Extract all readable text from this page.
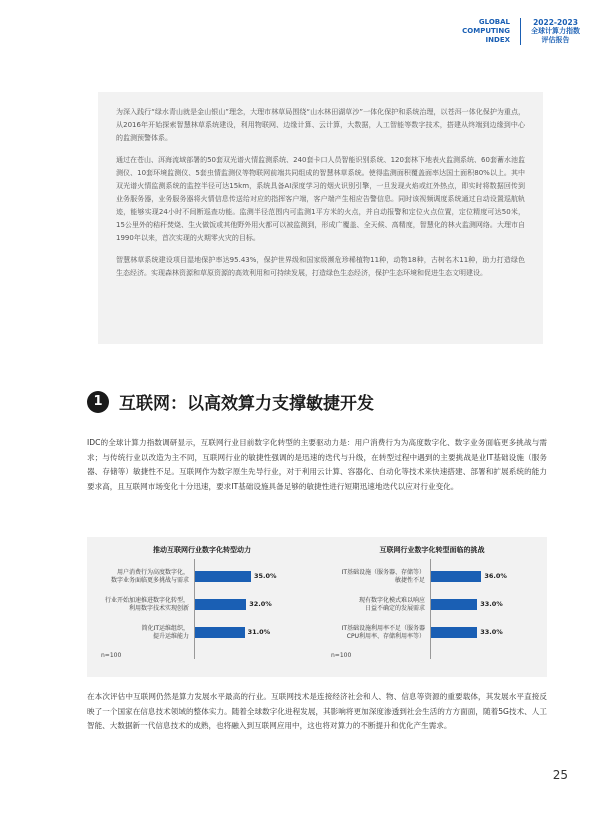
GLOBAL
COMPUTING
INDEX
2022-2023
全球计算力指数
评估报告

为深入践行“绿水青山就是金山银山”理念，大理市林草局围绕“山水林田湖草沙”一体化保护和系统治理，以苍洱一体化保护为重点，从2016年开始探索智慧林草系统建设，利用物联网、边缘计算、云计算，大数据，人工智能等数字技术，搭建从终端到边缘到中心的监测预警体系。

通过在苍山、洱海流域部署的50套双光谱火情监测系统、240套卡口人员智能识别系统、120套林下地表火监测系统、60套蓄水池监测仪、10套环境监测仪、5套虫情监测仪等物联网前端共同组成的智慧林草系统。使得监测面积覆盖面率达国土面积80%以上。其中双光谱火情监测系统的监控半径可达15km，系统具备AI深度学习的烟火识别引擎，一旦发现火焰或红外热点，即实时将数据回传到业务服务器，业务服务器将火情信息传送给对应的指挥客户端，客户端产生相应告警信息。同时该视频调度系统通过自动设置巡航轨迹，能够实现24小时不间断巡查功能。监测半径范围内可监测1平方米的火点，并自动报警和定位火点位置，定位精度可达50米，15公里外的秸秆焚烧、生火做饭或其他野外用火都可以被监测到，形成广覆盖、全天候、高精度，智慧化的林火监测网络。大理市自1990年以来，首次实现的火期零火灾的目标。

智慧林草系统建设项目湿地保护率达95.43%，保护世界级和国家级濒危珍稀植物11种，动物18种，古树名木11种，助力打造绿色生态经济。实现森林资源和草原资源的高效利用和可持续发展，打造绿色生态经济，保护生态环境和促进生态文明建设。

1 互联网：以高效算力支撑敏捷开发
IDC的全球计算力指数调研显示，互联网行业目前数字化转型的主要驱动力是：用户消费行为为高度数字化、数字业务面临更多挑战与需求；与传统行业以改造为主不同，互联网行业的敏捷性强调的是迅速的迭代与升级，在转型过程中遇到的主要挑战是业IT基础设施（服务器、存储等）敏捷性不足。互联网作为数字原生先导行业，对于利用云计算、容器化、自动化等技术来快速搭建、部署和扩展系统的能力要求高，且互联网市场变化十分迅速，要求IT基础设施具备足够的敏捷性进行短期迅速地迭代以应对行业变化。
推动互联网行业数字化转型动力
用户消费行为高度数字化，
数字业务面临更多挑战与需求
35.0%
行业开始加速推进数字化转型，
利用数字技术实现创新
32.0%
简化IT运维组织，
提升运维能力
31.0%
n=100
互联网行业数字化转型面临的挑战
IT基础设施（服务器、存储等）
敏捷性不足
36.0%
现有数字化模式难以响应
日益不确定的发展需求
33.0%
IT基础设施利用率不足（服务器
CPU利用率、存储利用率等）
33.0%
n=100
在本次评估中互联网仍然是算力发展水平最高的行业。互联网技术是连接经济社会和人、物、信息等资源的重要载体，其发展水平直接反映了一个国家在信息技术领域的整体实力。随着全球数字化进程发展，其影响将更加深度渗透到社会生活的方方面面，随着5G技术、人工智能、大数据新一代信息技术的成熟，也将融入到互联网应用中，这也将对算力的不断提升和优化产生需求。
25
